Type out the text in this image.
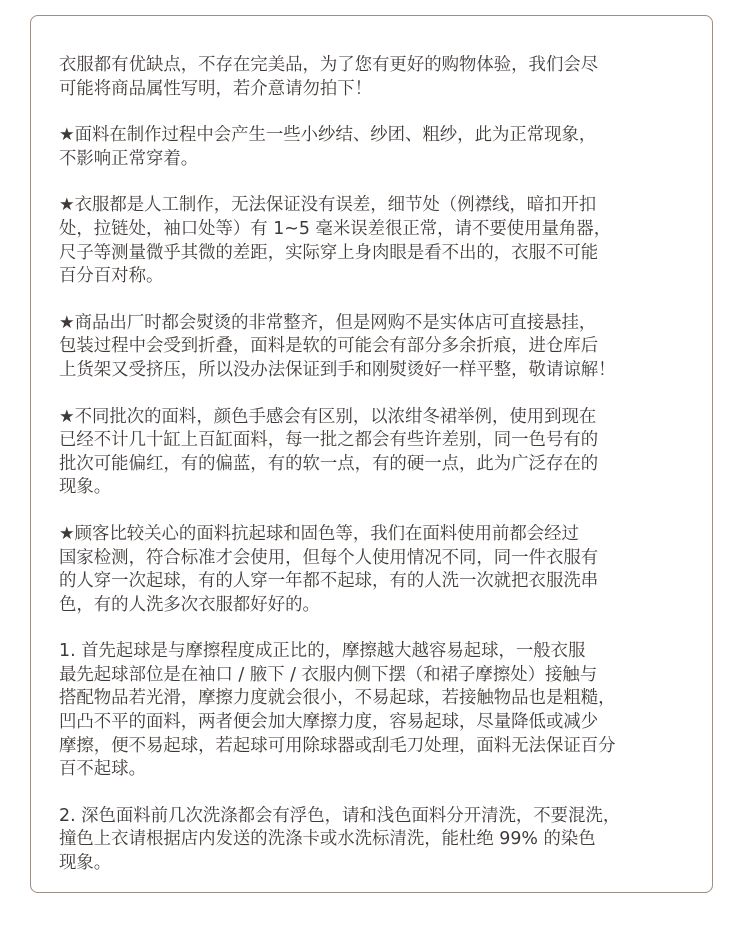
衣服都有优缺点，不存在完美品，为了您有更好的购物体验，我们会尽
可能将商品属性写明，若介意请勿拍下！

★面料在制作过程中会产生一些小纱结、纱团、粗纱，此为正常现象，
不影响正常穿着。

★衣服都是人工制作，无法保证没有误差，细节处（例襟线，暗扣开扣
处，拉链处，袖口处等）有 1~5 毫米误差很正常，请不要使用量角器，
尺子等测量微乎其微的差距，实际穿上身肉眼是看不出的，衣服不可能
百分百对称。

★商品出厂时都会熨烫的非常整齐，但是网购不是实体店可直接悬挂，
包装过程中会受到折叠，面料是软的可能会有部分多余折痕，进仓库后
上货架又受挤压，所以没办法保证到手和刚熨烫好一样平整，敬请谅解！

★不同批次的面料，颜色手感会有区别，以浓绀冬裙举例，使用到现在
已经不计几十缸上百缸面料，每一批之都会有些许差别，同一色号有的
批次可能偏红，有的偏蓝，有的软一点，有的硬一点，此为广泛存在的
现象。

★顾客比较关心的面料抗起球和固色等，我们在面料使用前都会经过
国家检测，符合标准才会使用，但每个人使用情况不同，同一件衣服有
的人穿一次起球，有的人穿一年都不起球，有的人洗一次就把衣服洗串
色，有的人洗多次衣服都好好的。

1. 首先起球是与摩擦程度成正比的，摩擦越大越容易起球，一般衣服
最先起球部位是在袖口 / 腋下 / 衣服内侧下摆（和裙子摩擦处）接触与
搭配物品若光滑，摩擦力度就会很小，不易起球，若接触物品也是粗糙，
凹凸不平的面料，两者便会加大摩擦力度，容易起球，尽量降低或减少
摩擦，便不易起球，若起球可用除球器或刮毛刀处理，面料无法保证百分
百不起球。

2. 深色面料前几次洗涤都会有浮色，请和浅色面料分开清洗，不要混洗，
撞色上衣请根据店内发送的洗涤卡或水洗标清洗，能杜绝 99% 的染色
现象。
